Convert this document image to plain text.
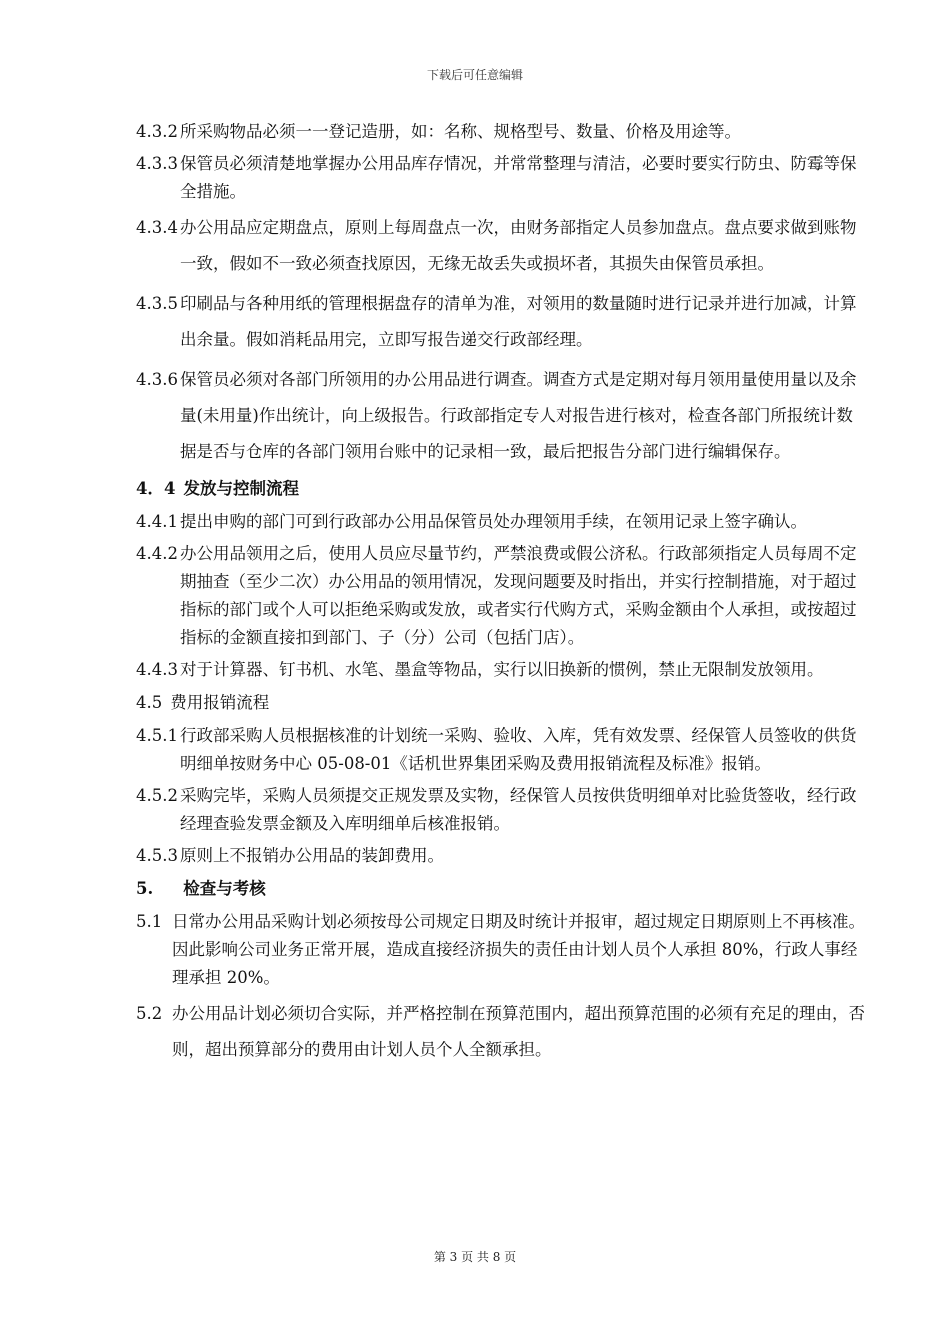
下载后可任意编辑

4.3.2 所采购物品必须一一登记造册，如：名称、规格型号、数量、价格及用途等。

4.3.3 保管员必须清楚地掌握办公用品库存情况，并常常整理与清洁，必要时要实行防虫、防霉等保全措施。

4.3.4 办公用品应定期盘点，原则上每周盘点一次，由财务部指定人员参加盘点。盘点要求做到账物一致，假如不一致必须查找原因，无缘无故丢失或损坏者，其损失由保管员承担。

4.3.5 印刷品与各种用纸的管理根据盘存的清单为准，对领用的数量随时进行记录并进行加减，计算出余量。假如消耗品用完，立即写报告递交行政部经理。

4.3.6 保管员必须对各部门所领用的办公用品进行调查。调查方式是定期对每月领用量使用量以及余量(未用量)作出统计，向上级报告。行政部指定专人对报告进行核对，检查各部门所报统计数据是否与仓库的各部门领用台账中的记录相一致，最后把报告分部门进行编辑保存。

4．4 发放与控制流程

4.4.1 提出申购的部门可到行政部办公用品保管员处办理领用手续，在领用记录上签字确认。

4.4.2 办公用品领用之后，使用人员应尽量节约，严禁浪费或假公济私。行政部须指定人员每周不定期抽查（至少二次）办公用品的领用情况，发现问题要及时指出，并实行控制措施，对于超过指标的部门或个人可以拒绝采购或发放，或者实行代购方式，采购金额由个人承担，或按超过指标的金额直接扣到部门、子（分）公司（包括门店）。

4.4.3 对于计算器、钉书机、水笔、墨盒等物品，实行以旧换新的惯例，禁止无限制发放领用。

4.5 费用报销流程

4.5.1 行政部采购人员根据核准的计划统一采购、验收、入库，凭有效发票、经保管人员签收的供货明细单按财务中心 05-08-01《话机世界集团采购及费用报销流程及标准》报销。

4.5.2 采购完毕，采购人员须提交正规发票及实物，经保管人员按供货明细单对比验货签收，经行政经理查验发票金额及入库明细单后核准报销。

4.5.3 原则上不报销办公用品的装卸费用。

5. 检查与考核

5.1 日常办公用品采购计划必须按母公司规定日期及时统计并报审，超过规定日期原则上不再核准。因此影响公司业务正常开展，造成直接经济损失的责任由计划人员个人承担 80%，行政人事经理承担 20%。

5.2 办公用品计划必须切合实际，并严格控制在预算范围内，超出预算范围的必须有充足的理由，否则，超出预算部分的费用由计划人员个人全额承担。

第 3 页 共 8 页
